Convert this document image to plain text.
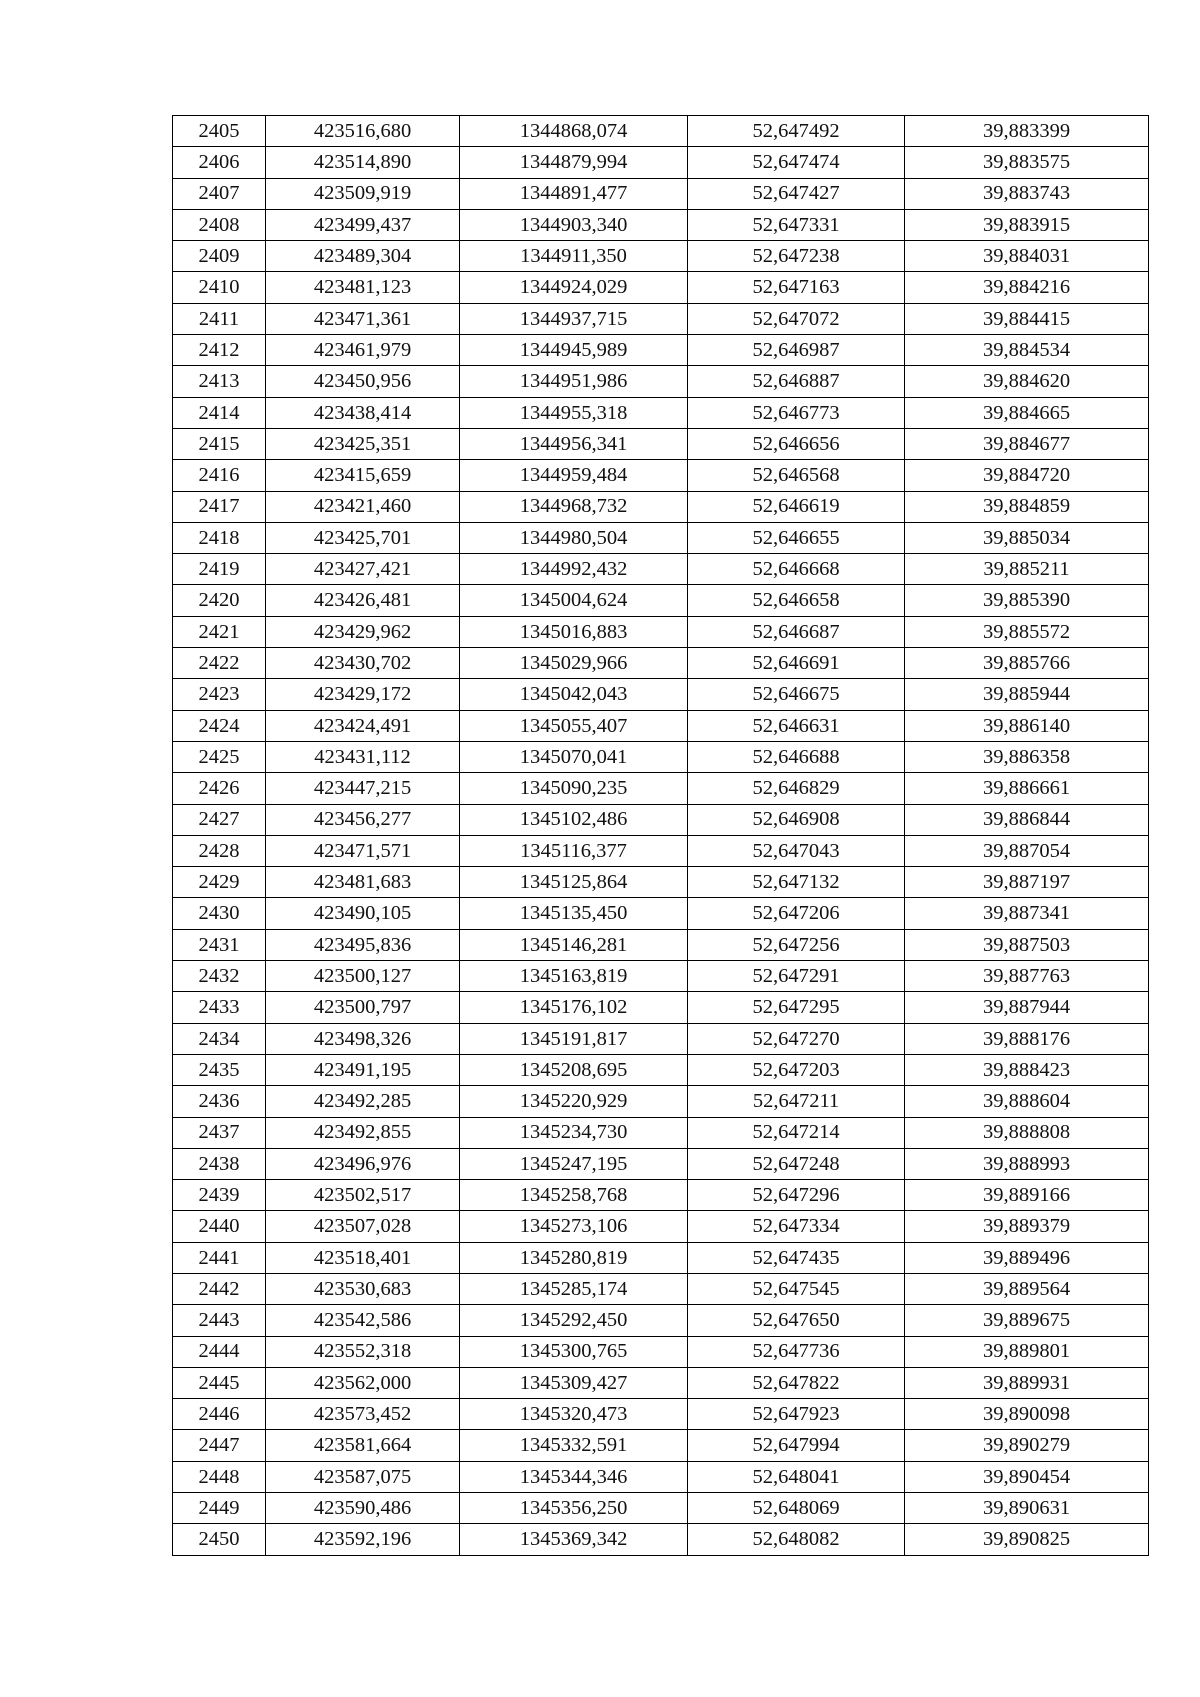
2405	423516,680	1344868,074	52,647492	39,883399
2406	423514,890	1344879,994	52,647474	39,883575
2407	423509,919	1344891,477	52,647427	39,883743
2408	423499,437	1344903,340	52,647331	39,883915
2409	423489,304	1344911,350	52,647238	39,884031
2410	423481,123	1344924,029	52,647163	39,884216
2411	423471,361	1344937,715	52,647072	39,884415
2412	423461,979	1344945,989	52,646987	39,884534
2413	423450,956	1344951,986	52,646887	39,884620
2414	423438,414	1344955,318	52,646773	39,884665
2415	423425,351	1344956,341	52,646656	39,884677
2416	423415,659	1344959,484	52,646568	39,884720
2417	423421,460	1344968,732	52,646619	39,884859
2418	423425,701	1344980,504	52,646655	39,885034
2419	423427,421	1344992,432	52,646668	39,885211
2420	423426,481	1345004,624	52,646658	39,885390
2421	423429,962	1345016,883	52,646687	39,885572
2422	423430,702	1345029,966	52,646691	39,885766
2423	423429,172	1345042,043	52,646675	39,885944
2424	423424,491	1345055,407	52,646631	39,886140
2425	423431,112	1345070,041	52,646688	39,886358
2426	423447,215	1345090,235	52,646829	39,886661
2427	423456,277	1345102,486	52,646908	39,886844
2428	423471,571	1345116,377	52,647043	39,887054
2429	423481,683	1345125,864	52,647132	39,887197
2430	423490,105	1345135,450	52,647206	39,887341
2431	423495,836	1345146,281	52,647256	39,887503
2432	423500,127	1345163,819	52,647291	39,887763
2433	423500,797	1345176,102	52,647295	39,887944
2434	423498,326	1345191,817	52,647270	39,888176
2435	423491,195	1345208,695	52,647203	39,888423
2436	423492,285	1345220,929	52,647211	39,888604
2437	423492,855	1345234,730	52,647214	39,888808
2438	423496,976	1345247,195	52,647248	39,888993
2439	423502,517	1345258,768	52,647296	39,889166
2440	423507,028	1345273,106	52,647334	39,889379
2441	423518,401	1345280,819	52,647435	39,889496
2442	423530,683	1345285,174	52,647545	39,889564
2443	423542,586	1345292,450	52,647650	39,889675
2444	423552,318	1345300,765	52,647736	39,889801
2445	423562,000	1345309,427	52,647822	39,889931
2446	423573,452	1345320,473	52,647923	39,890098
2447	423581,664	1345332,591	52,647994	39,890279
2448	423587,075	1345344,346	52,648041	39,890454
2449	423590,486	1345356,250	52,648069	39,890631
2450	423592,196	1345369,342	52,648082	39,890825
